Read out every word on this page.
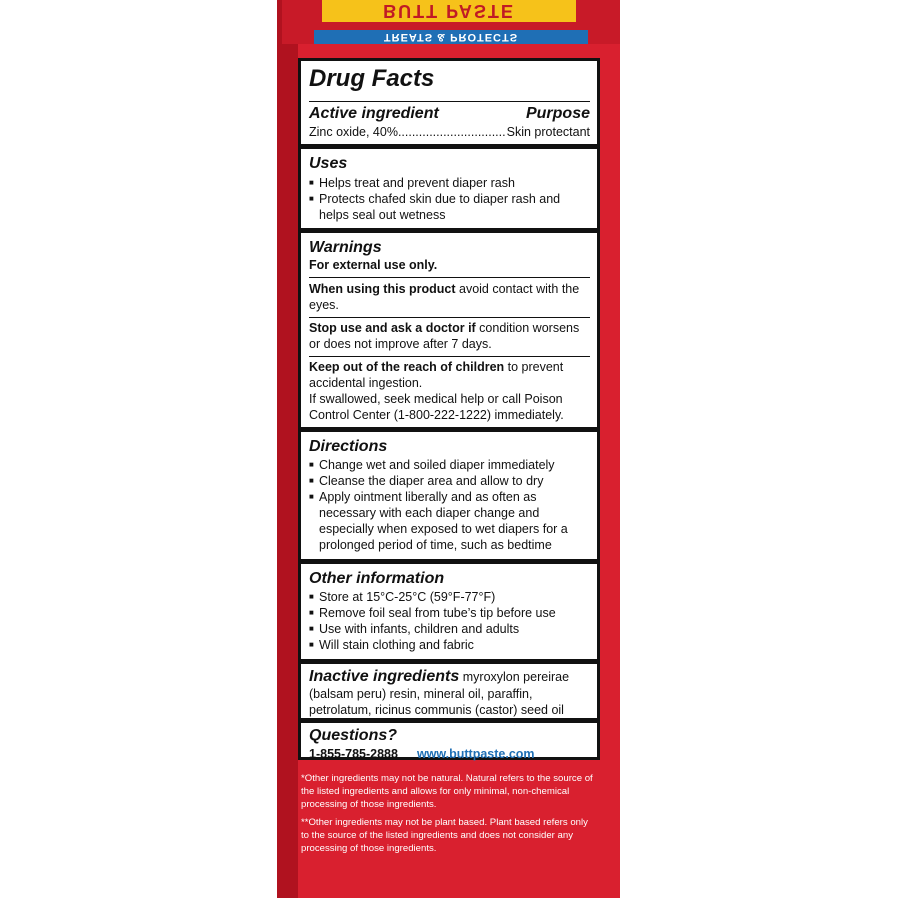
BUTT PASTE
TREATS & PROTECTS
Drug Facts
Active ingredient	Purpose
Zinc oxide, 40% ............................... Skin protectant
Uses
■ Helps treat and prevent diaper rash
■ Protects chafed skin due to diaper rash and helps seal out wetness
Warnings
For external use only.
When using this product avoid contact with the eyes.
Stop use and ask a doctor if condition worsens or does not improve after 7 days.
Keep out of the reach of children to prevent accidental ingestion.
If swallowed, seek medical help or call Poison Control Center (1-800-222-1222) immediately.
Directions
■ Change wet and soiled diaper immediately
■ Cleanse the diaper area and allow to dry
■ Apply ointment liberally and as often as necessary with each diaper change and especially when exposed to wet diapers for a prolonged period of time, such as bedtime
Other information
■ Store at 15°C-25°C (59°F-77°F)
■ Remove foil seal from tube’s tip before use
■ Use with infants, children and adults
■ Will stain clothing and fabric
Inactive ingredients myroxylon pereirae (balsam peru) resin, mineral oil, paraffin, petrolatum, ricinus communis (castor) seed oil
Questions?
1-855-785-2888 www.buttpaste.com

*Other ingredients may not be natural. Natural refers to the source of the listed ingredients and allows for only minimal, non-chemical processing of those ingredients.

**Other ingredients may not be plant based. Plant based refers only to the source of the listed ingredients and does not consider any processing of those ingredients.
